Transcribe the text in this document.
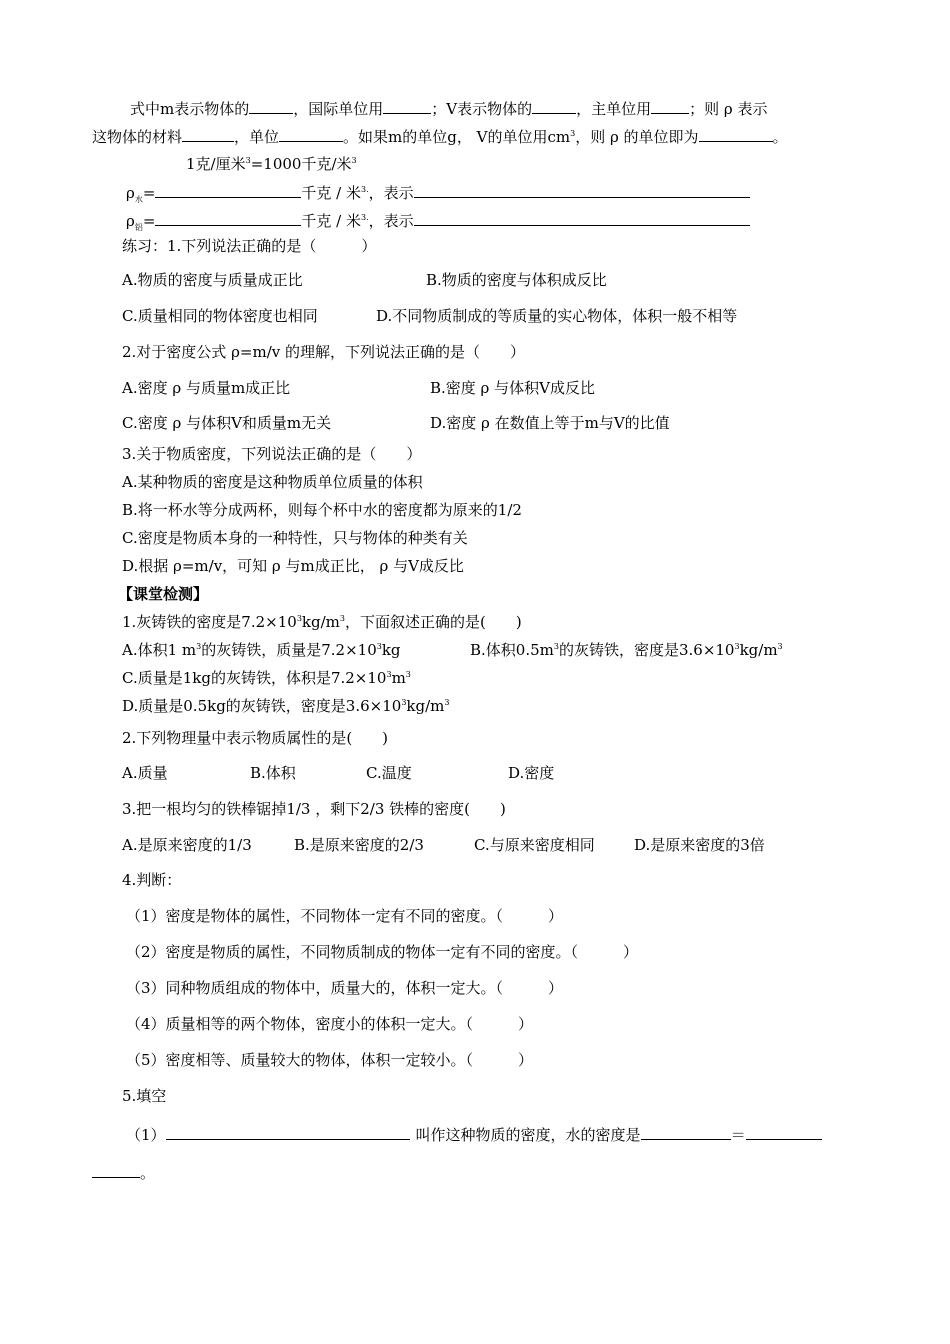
式中m表示物体的	，国际单位用	；V表示物体的	，主单位用	；则 ρ 表示
这物体的材料	，单位	。如果m的单位g， V的单位用$cm^3$，则 ρ 的单位即为	。
1克/厘米$^3$=1000千克/米$^3$
$\rho_水=$	千克 / 米$^{3.}$，表示
$\rho_铝=$	千克 / 米$^{3.}$，表示
练习：1.下列说法正确的是（　　　）
A.物质的密度与质量成正比	B.物质的密度与体积成反比
C.质量相同的物体密度也相同	D.不同物质制成的等质量的实心物体，体积一般不相等
2.对于密度公式 ρ=m/v 的理解，下列说法正确的是（　　）
A.密度 ρ 与质量m成正比	B.密度 ρ 与体积V成反比
C.密度 ρ 与体积V和质量m无关	D.密度 ρ 在数值上等于m与V的比值
3.关于物质密度，下列说法正确的是（　　）
A.某种物质的密度是这种物质单位质量的体积
B.将一杯水等分成两杯，则每个杯中水的密度都为原来的1/2
C.密度是物质本身的一种特性，只与物体的种类有关
D.根据 ρ=m/v，可知 ρ 与m成正比， ρ 与V成反比
【课堂检测】
1.灰铸铁的密度是$7.2\times 10^3kg/m^3$，下面叙述正确的是(　　)
A.体积1 $m^3$的灰铸铁，质量是$7.2\times 10^3kg$	B.体积$0.5m^3$的灰铸铁，密度是$3.6\times 10^3kg/m^3$
C.质量是1kg的灰铸铁，体积是$7.2\times 10^3m^3$
D.质量是0.5kg的灰铸铁，密度是$3.6\times 10^3kg/m^3$
2.下列物理量中表示物质属性的是(　　)
A.质量	B.体积	C.温度	D.密度
3.把一根均匀的铁棒锯掉1/3 ，剩下2/3 铁棒的密度(　　)
A.是原来密度的1/3	B.是原来密度的2/3	C.与原来密度相同	D.是原来密度的3倍
4.判断：
（1）密度是物体的属性，不同物体一定有不同的密度。（　　　）
（2）密度是物质的属性，不同物质制成的物体一定有不同的密度。（　　　）
（3）同种物质组成的物体中，质量大的，体积一定大。（　　　）
（4）质量相等的两个物体，密度小的体积一定大。（　　　）
（5）密度相等、质量较大的物体，体积一定较小。（　　　）
5.填空
（1）	叫作这种物质的密度，水的密度是	＝
。
